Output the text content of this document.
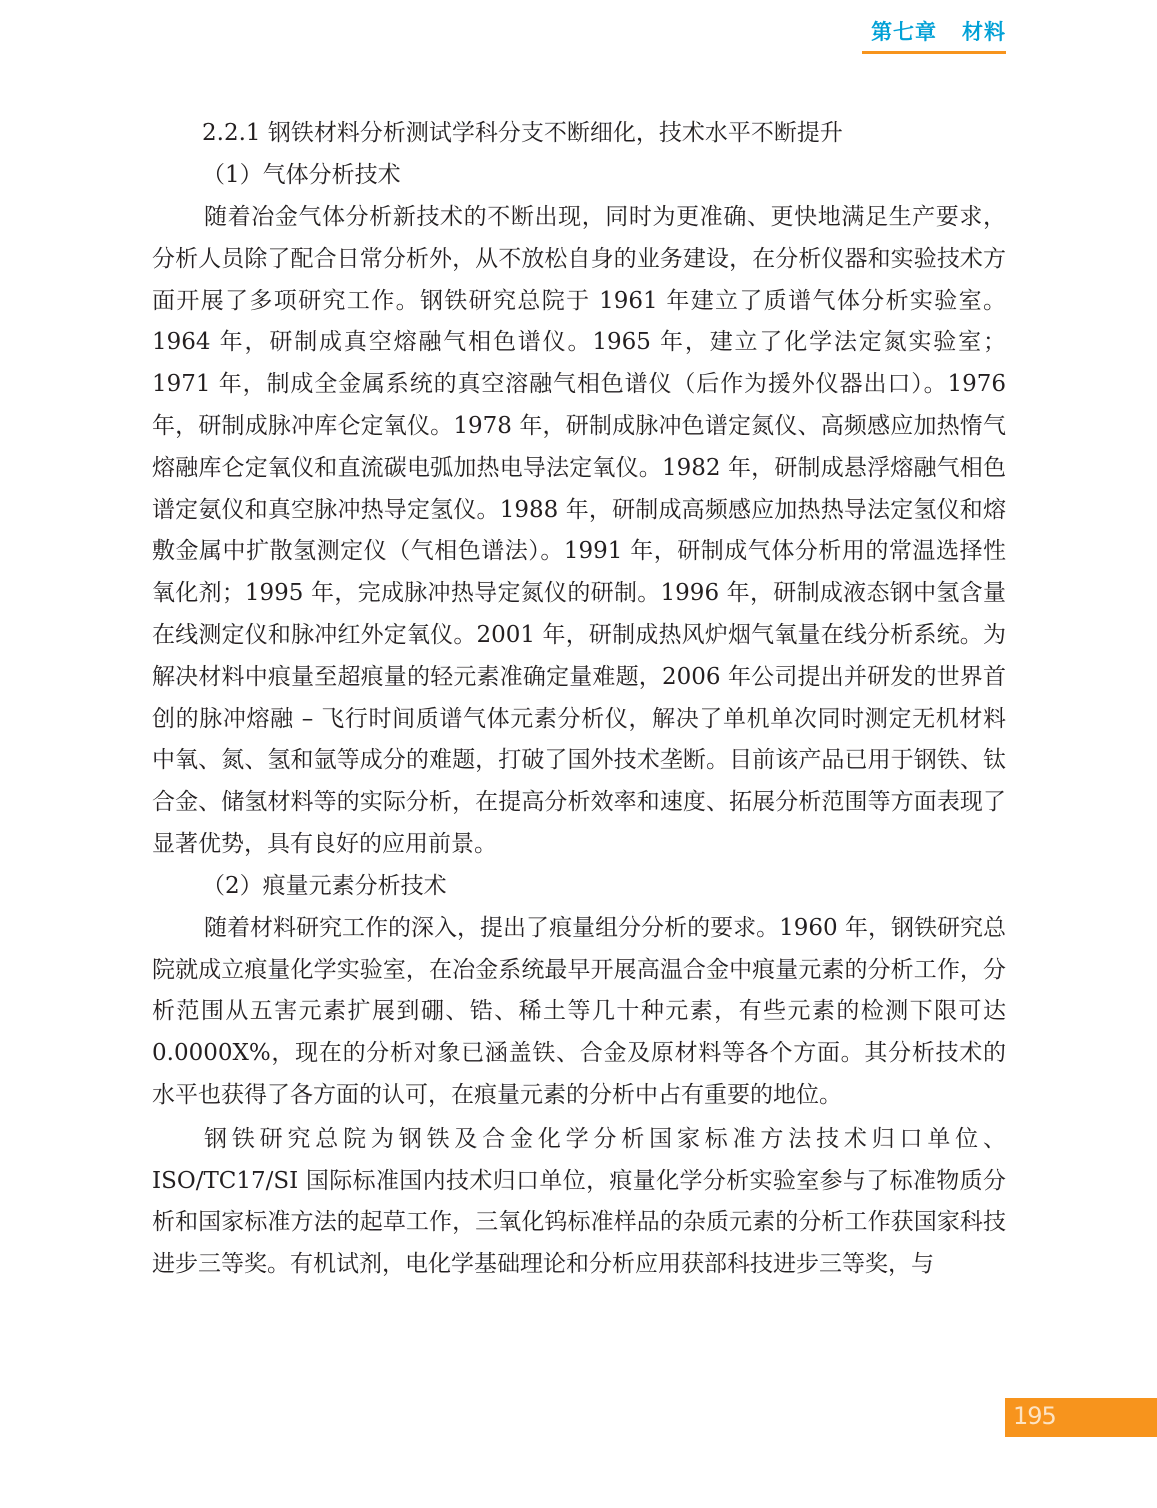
第七章   材料
2.2.1 钢铁材料分析测试学科分支不断细化，技术水平不断提升
（1）气体分析技术

随着冶金气体分析新技术的不断出现，同时为更准确、更快地满足生产要求，分析人员除了配合日常分析外，从不放松自身的业务建设，在分析仪器和实验技术方面开展了多项研究工作。钢铁研究总院于 1961 年建立了质谱气体分析实验室。1964 年，研制成真空熔融气相色谱仪。1965 年，建立了化学法定氮实验室；1971 年，制成全金属系统的真空溶融气相色谱仪（后作为援外仪器出口）。1976 年，研制成脉冲库仑定氧仪。1978 年，研制成脉冲色谱定氮仪、高频感应加热惰气熔融库仑定氧仪和直流碳电弧加热电导法定氧仪。1982 年，研制成悬浮熔融气相色谱定氨仪和真空脉冲热导定氢仪。1988 年，研制成高频感应加热热导法定氢仪和熔敷金属中扩散氢测定仪（气相色谱法）。1991 年，研制成气体分析用的常温选择性氧化剂；1995 年，完成脉冲热导定氮仪的研制。1996 年，研制成液态钢中氢含量在线测定仪和脉冲红外定氧仪。2001 年，研制成热风炉烟气氧量在线分析系统。为解决材料中痕量至超痕量的轻元素准确定量难题，2006 年公司提出并研发的世界首创的脉冲熔融 – 飞行时间质谱气体元素分析仪，解决了单机单次同时测定无机材料中氧、氮、氢和氩等成分的难题，打破了国外技术垄断。目前该产品已用于钢铁、钛合金、储氢材料等的实际分析，在提高分析效率和速度、拓展分析范围等方面表现了显著优势，具有良好的应用前景。

（2）痕量元素分析技术

随着材料研究工作的深入，提出了痕量组分分析的要求。1960 年，钢铁研究总院就成立痕量化学实验室，在冶金系统最早开展高温合金中痕量元素的分析工作，分析范围从五害元素扩展到硼、锆、稀土等几十种元素，有些元素的检测下限可达 0.0000X%，现在的分析对象已涵盖铁、合金及原材料等各个方面。其分析技术的水平也获得了各方面的认可，在痕量元素的分析中占有重要的地位。

钢铁研究总院为钢铁及合金化学分析国家标准方法技术归口单位、ISO/TC17/SI 国际标准国内技术归口单位，痕量化学分析实验室参与了标准物质分析和国家标准方法的起草工作，三氧化钨标准样品的杂质元素的分析工作获国家科技进步三等奖。有机试剂，电化学基础理论和分析应用获部科技进步三等奖，与

195
